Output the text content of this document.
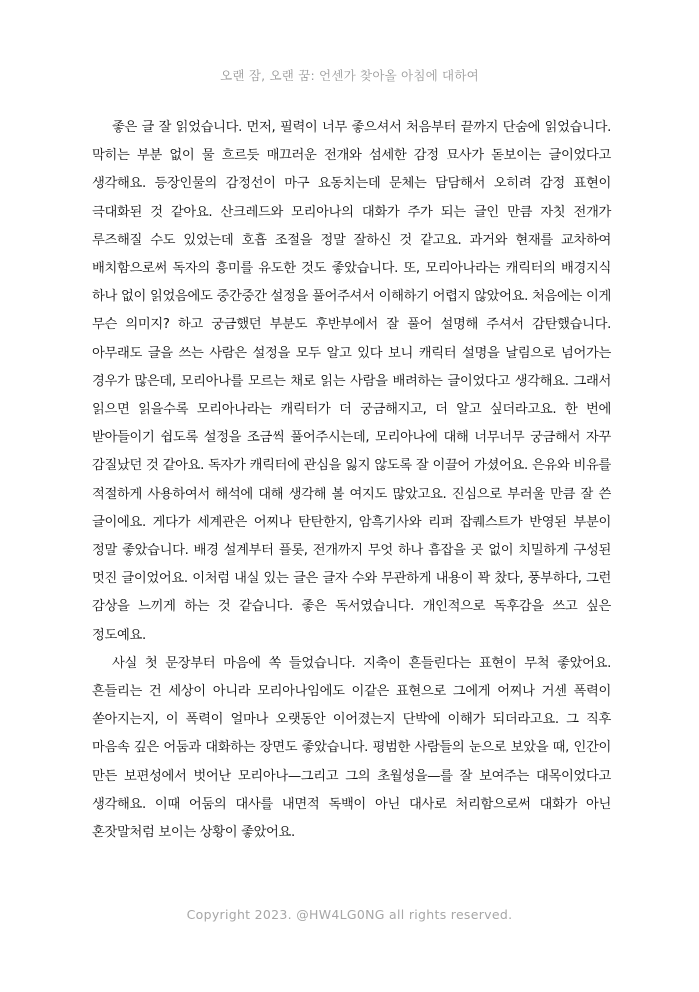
오랜 잠, 오랜 꿈: 언센가 찾아올 아침에 대하여

좋은 글 잘 읽었습니다. 먼저, 필력이 너무 좋으셔서 처음부터 끝까지 단숨에 읽었습니다. 막히는 부분 없이 물 흐르듯 매끄러운 전개와 섬세한 감정 묘사가 돋보이는 글이었다고 생각해요. 등장인물의 감정선이 마구 요동치는데 문체는 담담해서 오히려 감정 표현이 극대화된 것 같아요. 산크레드와 모리아나의 대화가 주가 되는 글인 만큼 자칫 전개가 루즈해질 수도 있었는데 호흡 조절을 정말 잘하신 것 같고요. 과거와 현재를 교차하여 배치함으로써 독자의 흥미를 유도한 것도 좋았습니다. 또, 모리아나라는 캐릭터의 배경지식 하나 없이 읽었음에도 중간중간 설정을 풀어주셔서 이해하기 어렵지 않았어요. 처음에는 이게 무슨 의미지? 하고 궁금했던 부분도 후반부에서 잘 풀어 설명해 주셔서 감탄했습니다. 아무래도 글을 쓰는 사람은 설정을 모두 알고 있다 보니 캐릭터 설명을 날림으로 넘어가는 경우가 많은데, 모리아나를 모르는 채로 읽는 사람을 배려하는 글이었다고 생각해요. 그래서 읽으면 읽을수록 모리아나라는 캐릭터가 더 궁금해지고, 더 알고 싶더라고요. 한 번에 받아들이기 쉽도록 설정을 조금씩 풀어주시는데, 모리아나에 대해 너무너무 궁금해서 자꾸 감질났던 것 같아요. 독자가 캐릭터에 관심을 잃지 않도록 잘 이끌어 가셨어요. 은유와 비유를 적절하게 사용하여서 해석에 대해 생각해 볼 여지도 많았고요. 진심으로 부러울 만큼 잘 쓴 글이에요. 게다가 세계관은 어찌나 탄탄한지, 암흑기사와 리퍼 잡퀘스트가 반영된 부분이 정말 좋았습니다. 배경 설계부터 플롯, 전개까지 무엇 하나 흠잡을 곳 없이 치밀하게 구성된 멋진 글이었어요. 이처럼 내실 있는 글은 글자 수와 무관하게 내용이 꽉 찼다, 풍부하다, 그런 감상을 느끼게 하는 것 같습니다. 좋은 독서였습니다. 개인적으로 독후감을 쓰고 싶은 정도예요.

사실 첫 문장부터 마음에 쏙 들었습니다. 지축이 흔들린다는 표현이 무척 좋았어요. 흔들리는 건 세상이 아니라 모리아나임에도 이같은 표현으로 그에게 어찌나 거센 폭력이 쏟아지는지, 이 폭력이 얼마나 오랫동안 이어졌는지 단박에 이해가 되더라고요. 그 직후 마음속 깊은 어둠과 대화하는 장면도 좋았습니다. 평범한 사람들의 눈으로 보았을 때, 인간이 만든 보편성에서 벗어난 모리아나—그리고 그의 초월성을—를 잘 보여주는 대목이었다고 생각해요. 이때 어둠의 대사를 내면적 독백이 아닌 대사로 처리함으로써 대화가 아닌 혼잣말처럼 보이는 상황이 좋았어요.

Copyright 2023. @HW4LG0NG all rights reserved.
